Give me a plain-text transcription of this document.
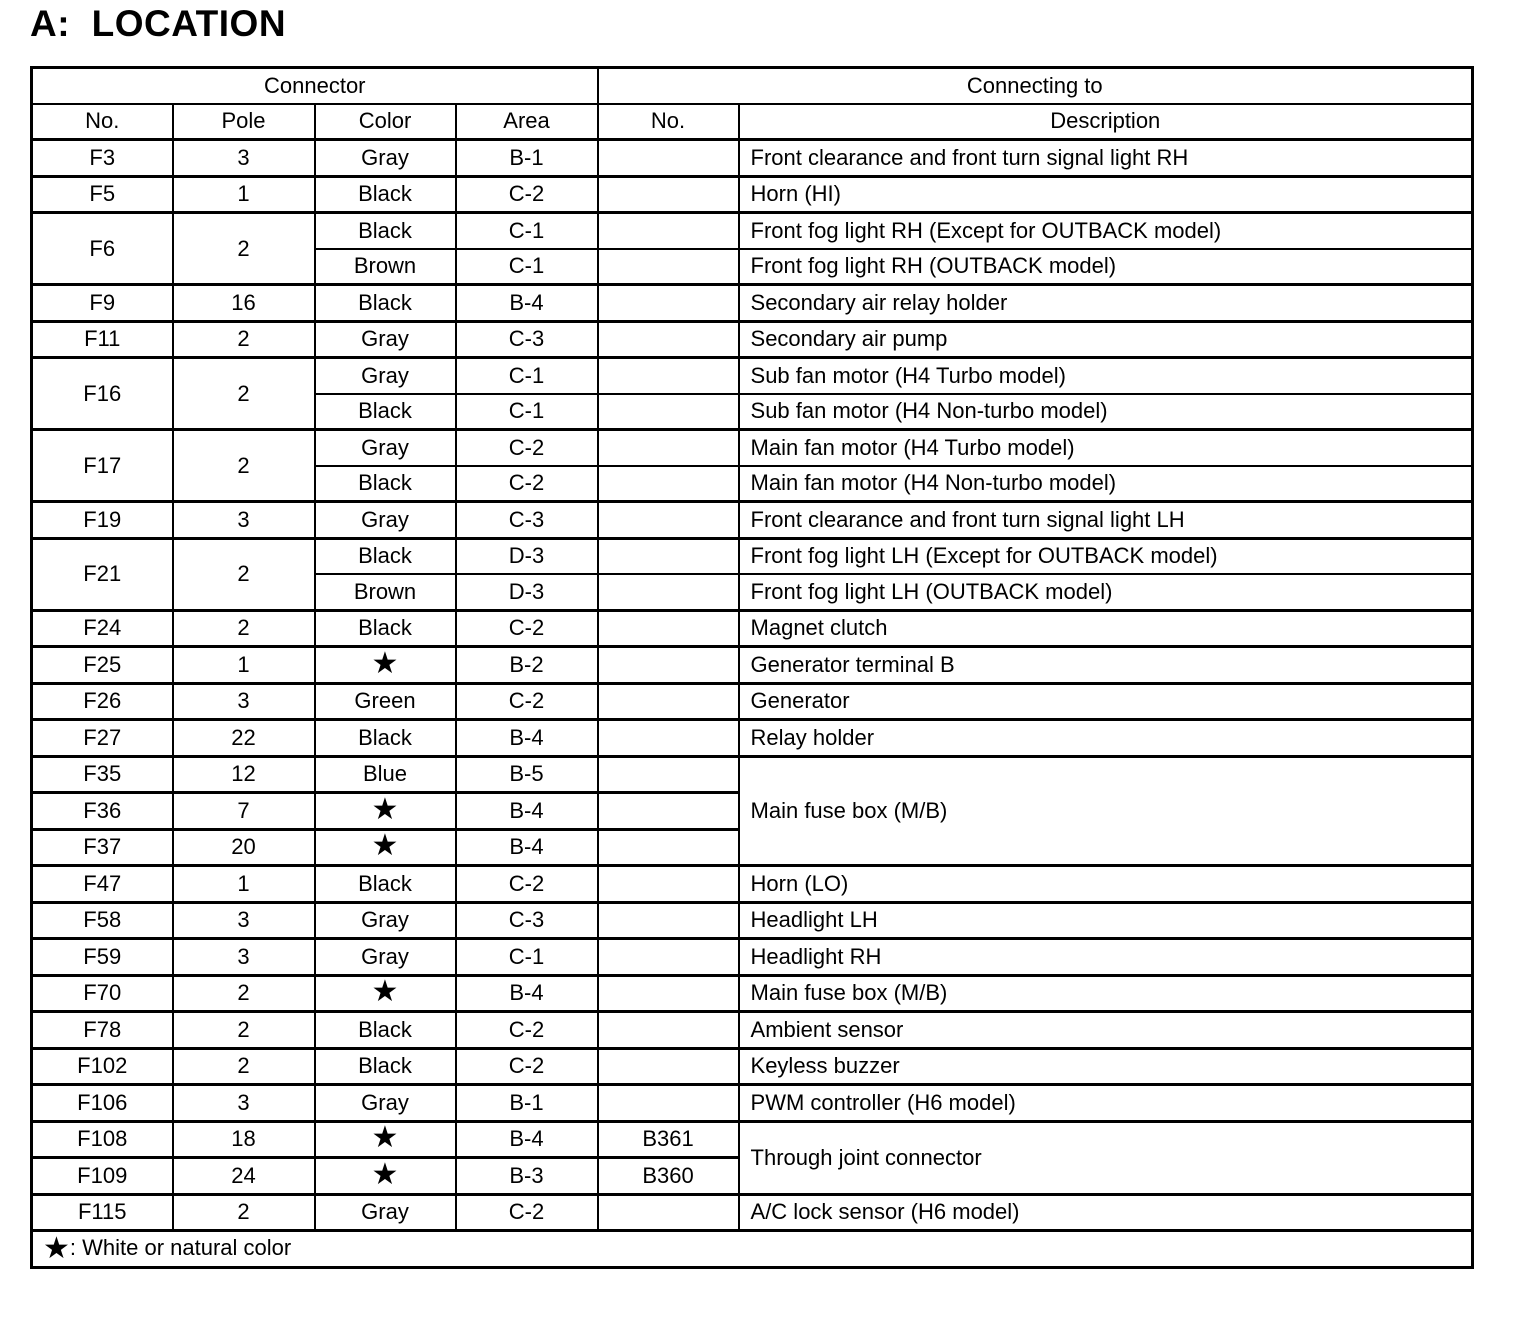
A:  LOCATION
Connector				Connecting to	
No.	Pole	Color	Area	No.	Description
F3	3	Gray	B-1		Front clearance and front turn signal light RH
F5	1	Black	C-2		Horn (HI)
F6	2	Black	C-1		Front fog light RH (Except for OUTBACK model)
		Brown	C-1		Front fog light RH (OUTBACK model)
F9	16	Black	B-4		Secondary air relay holder
F11	2	Gray	C-3		Secondary air pump
F16	2	Gray	C-1		Sub fan motor (H4 Turbo model)
		Black	C-1		Sub fan motor (H4 Non-turbo model)
F17	2	Gray	C-2		Main fan motor (H4 Turbo model)
		Black	C-2		Main fan motor (H4 Non-turbo model)
F19	3	Gray	C-3		Front clearance and front turn signal light LH
F21	2	Black	D-3		Front fog light LH (Except for OUTBACK model)
		Brown	D-3		Front fog light LH (OUTBACK model)
F24	2	Black	C-2		Magnet clutch
F25	1	★	B-2		Generator terminal B
F26	3	Green	C-2		Generator
F27	22	Black	B-4		Relay holder
F35	12	Blue	B-5		Main fuse box (M/B)
F36	7	★	B-4		
F37	20	★	B-4		
F47	1	Black	C-2		Horn (LO)
F58	3	Gray	C-3		Headlight LH
F59	3	Gray	C-1		Headlight RH
F70	2	★	B-4		Main fuse box (M/B)
F78	2	Black	C-2		Ambient sensor
F102	2	Black	C-2		Keyless buzzer
F106	3	Gray	B-1		PWM controller (H6 model)
F108	18	★	B-4	B361	Through joint connector
F109	24	★	B-3	B360	
F115	2	Gray	C-2		A/C lock sensor (H6 model)
★: White or natural color					
